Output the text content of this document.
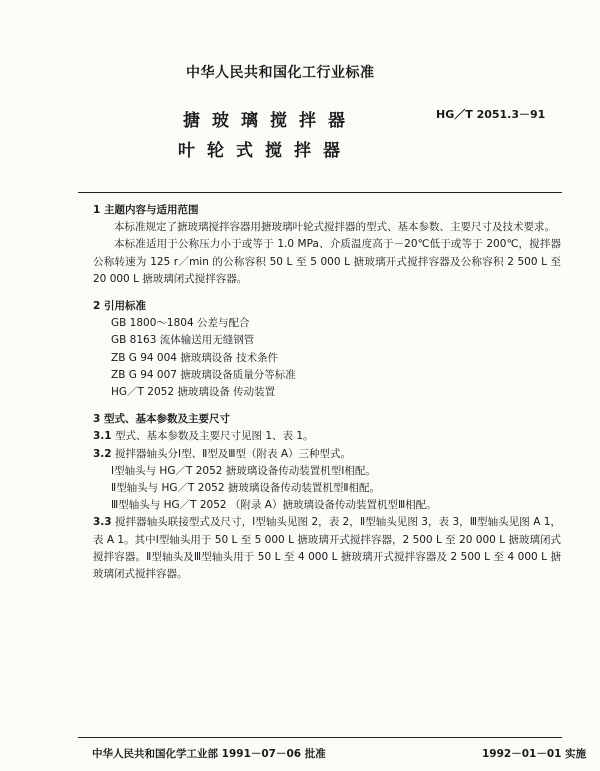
中华人民共和国化工行业标准
搪玻璃搅拌器
叶轮式搅拌器
HG／T 2051.3－91
1 主题内容与适用范围
本标准规定了搪玻璃搅拌容器用搪玻璃叶轮式搅拌器的型式、基本参数、主要尺寸及技术要求。
本标准适用于公称压力小于或等于 1.0 MPa、介质温度高于－20℃低于或等于 200℃，搅拌器公称转速为 125 r／min 的公称容积 50 L 至 5 000 L 搪玻璃开式搅拌容器及公称容积 2 500 L 至 20 000 L 搪玻璃闭式搅拌容器。
2 引用标准
GB 1800～1804 公差与配合
GB 8163 流体输送用无缝钢管
ZB G 94 004 搪玻璃设备 技术条件
ZB G 94 007 搪玻璃设备质量分等标准
HG／T 2052 搪玻璃设备 传动装置
3 型式、基本参数及主要尺寸
3.1 型式、基本参数及主要尺寸见图 1、表 1。
3.2 搅拌器轴头分Ⅰ型、Ⅱ型及Ⅲ型（附表 A）三种型式。
Ⅰ型轴头与 HG／T 2052 搪玻璃设备传动装置机型Ⅰ相配。
Ⅱ型轴头与 HG／T 2052 搪玻璃设备传动装置机型Ⅱ相配。
Ⅲ型轴头与 HG／T 2052 （附录 A）搪玻璃设备传动装置机型Ⅲ相配。
3.3 搅拌器轴头联接型式及尺寸，Ⅰ型轴头见图 2，表 2，Ⅱ型轴头见图 3，表 3，Ⅲ型轴头见图 A 1，表 A 1。其中Ⅰ型轴头用于 50 L 至 5 000 L 搪玻璃开式搅拌容器，2 500 L 至 20 000 L 搪玻璃闭式搅拌容器。Ⅱ型轴头及Ⅲ型轴头用于 50 L 至 4 000 L 搪玻璃开式搅拌容器及 2 500 L 至 4 000 L 搪玻璃闭式搅拌容器。
中华人民共和国化学工业部 1991－07－06 批准	1992－01－01 实施
